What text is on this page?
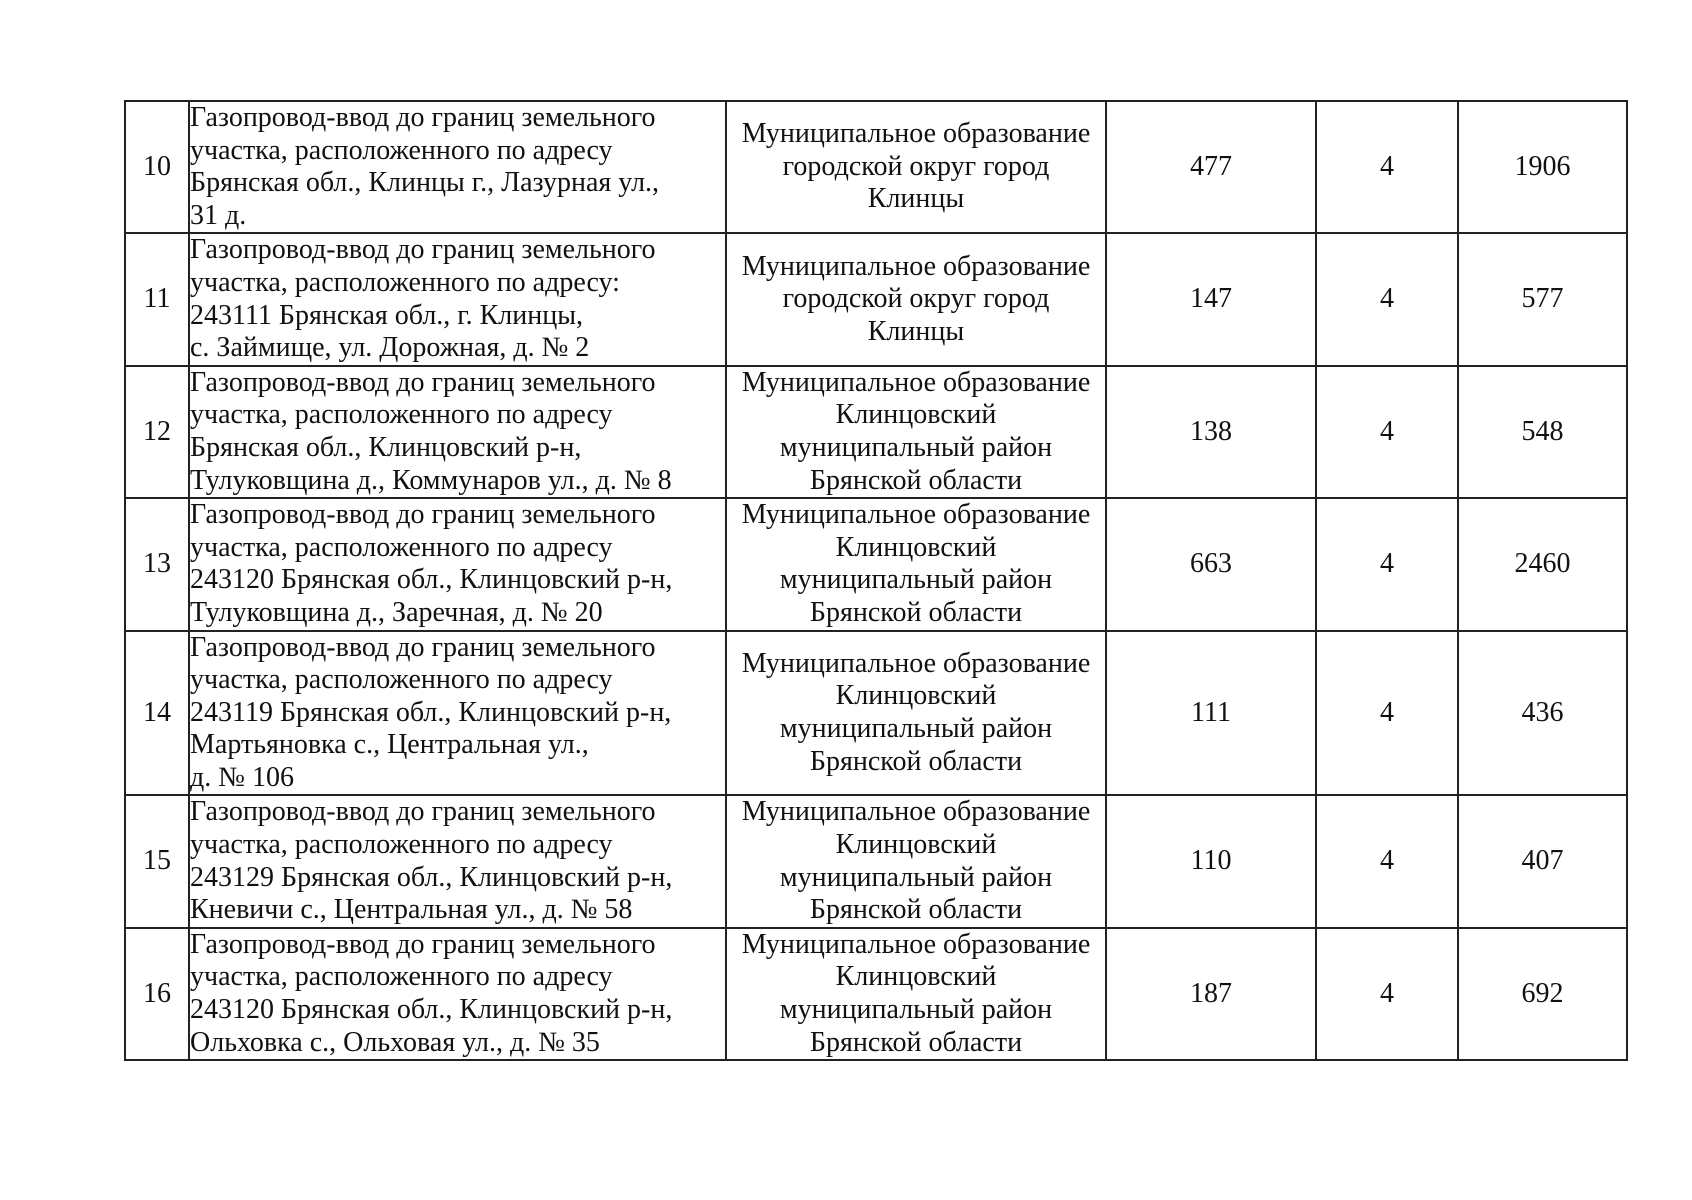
10	Газопровод-ввод до границ земельного
участка, расположенного по адресу
Брянская обл., Клинцы г., Лазурная ул.,
31 д.	Муниципальное образование
городской округ город
Клинцы	477	4	1906
11	Газопровод-ввод до границ земельного
участка, расположенного по адресу:
243111 Брянская обл., г. Клинцы,
с. Займище, ул. Дорожная, д. № 2	Муниципальное образование
городской округ город
Клинцы	147	4	577
12	Газопровод-ввод до границ земельного
участка, расположенного по адресу
Брянская обл., Клинцовский р-н,
Тулуковщина д., Коммунаров ул., д. № 8	Муниципальное образование
Клинцовский
муниципальный район
Брянской области	138	4	548
13	Газопровод-ввод до границ земельного
участка, расположенного по адресу
243120 Брянская обл., Клинцовский р-н,
Тулуковщина д., Заречная, д. № 20	Муниципальное образование
Клинцовский
муниципальный район
Брянской области	663	4	2460
14	Газопровод-ввод до границ земельного
участка, расположенного по адресу
243119 Брянская обл., Клинцовский р-н,
Мартьяновка с., Центральная ул.,
д. № 106	Муниципальное образование
Клинцовский
муниципальный район
Брянской области	111	4	436
15	Газопровод-ввод до границ земельного
участка, расположенного по адресу
243129 Брянская обл., Клинцовский р-н,
Кневичи с., Центральная ул., д. № 58	Муниципальное образование
Клинцовский
муниципальный район
Брянской области	110	4	407
16	Газопровод-ввод до границ земельного
участка, расположенного по адресу
243120 Брянская обл., Клинцовский р-н,
Ольховка с., Ольховая ул., д. № 35	Муниципальное образование
Клинцовский
муниципальный район
Брянской области	187	4	692
